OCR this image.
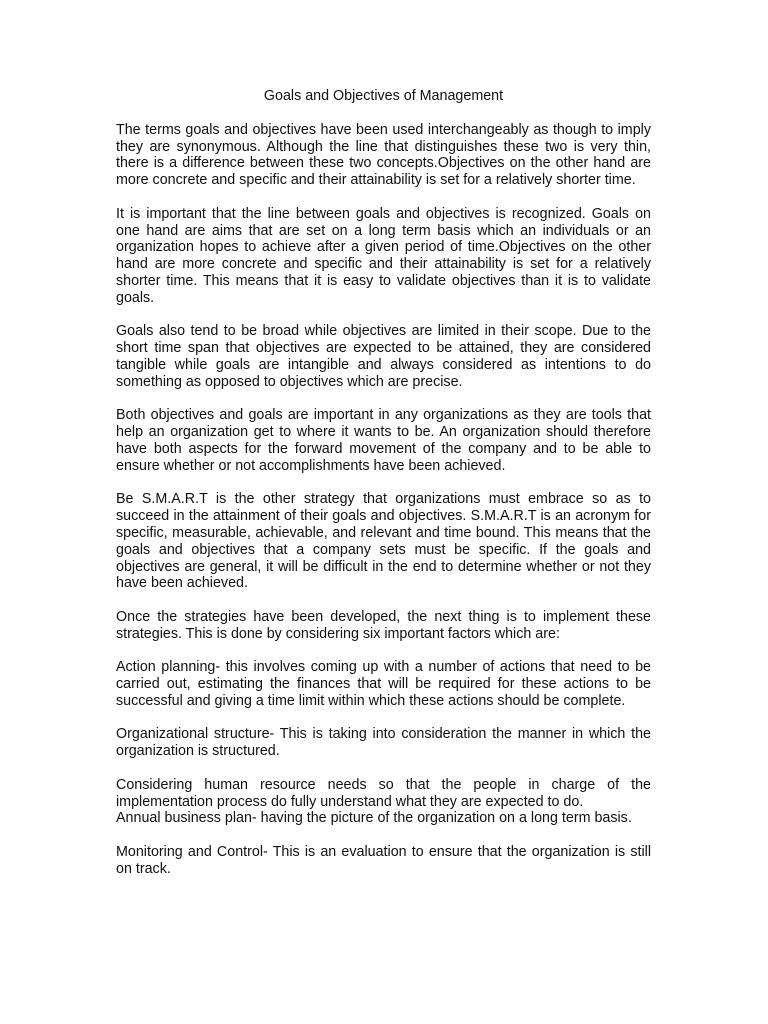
Goals and Objectives of Management

The terms goals and objectives have been used interchangeably as though to imply they are synonymous. Although the line that distinguishes these two is very thin, there is a difference between these two concepts.Objectives on the other hand are more concrete and specific and their attainability is set for a relatively shorter time.

It is important that the line between goals and objectives is recognized. Goals on one hand are aims that are set on a long term basis which an individuals or an organization hopes to achieve after a given period of time.Objectives on the other hand are more concrete and specific and their attainability is set for a relatively shorter time. This means that it is easy to validate objectives than it is to validate goals.

Goals also tend to be broad while objectives are limited in their scope. Due to the short time span that objectives are expected to be attained, they are considered tangible while goals are intangible and always considered as intentions to do something as opposed to objectives which are precise.

Both objectives and goals are important in any organizations as they are tools that help an organization get to where it wants to be. An organization should therefore have both aspects for the forward movement of the company and to be able to ensure whether or not accomplishments have been achieved.

Be S.M.A.R.T is the other strategy that organizations must embrace so as to succeed in the attainment of their goals and objectives. S.M.A.R.T is an acronym for specific, measurable, achievable, and relevant and time bound. This means that the goals and objectives that a company sets must be specific. If the goals and objectives are general, it will be difficult in the end to determine whether or not they have been achieved.

Once the strategies have been developed, the next thing is to implement these strategies. This is done by considering six important factors which are:

Action planning- this involves coming up with a number of actions that need to be carried out, estimating the finances that will be required for these actions to be successful and giving a time limit within which these actions should be complete.

Organizational structure- This is taking into consideration the manner in which the organization is structured.

Considering human resource needs so that the people in charge of the implementation process do fully understand what they are expected to do.

Annual business plan- having the picture of the organization on a long term basis.

Monitoring and Control- This is an evaluation to ensure that the organization is still on track.
